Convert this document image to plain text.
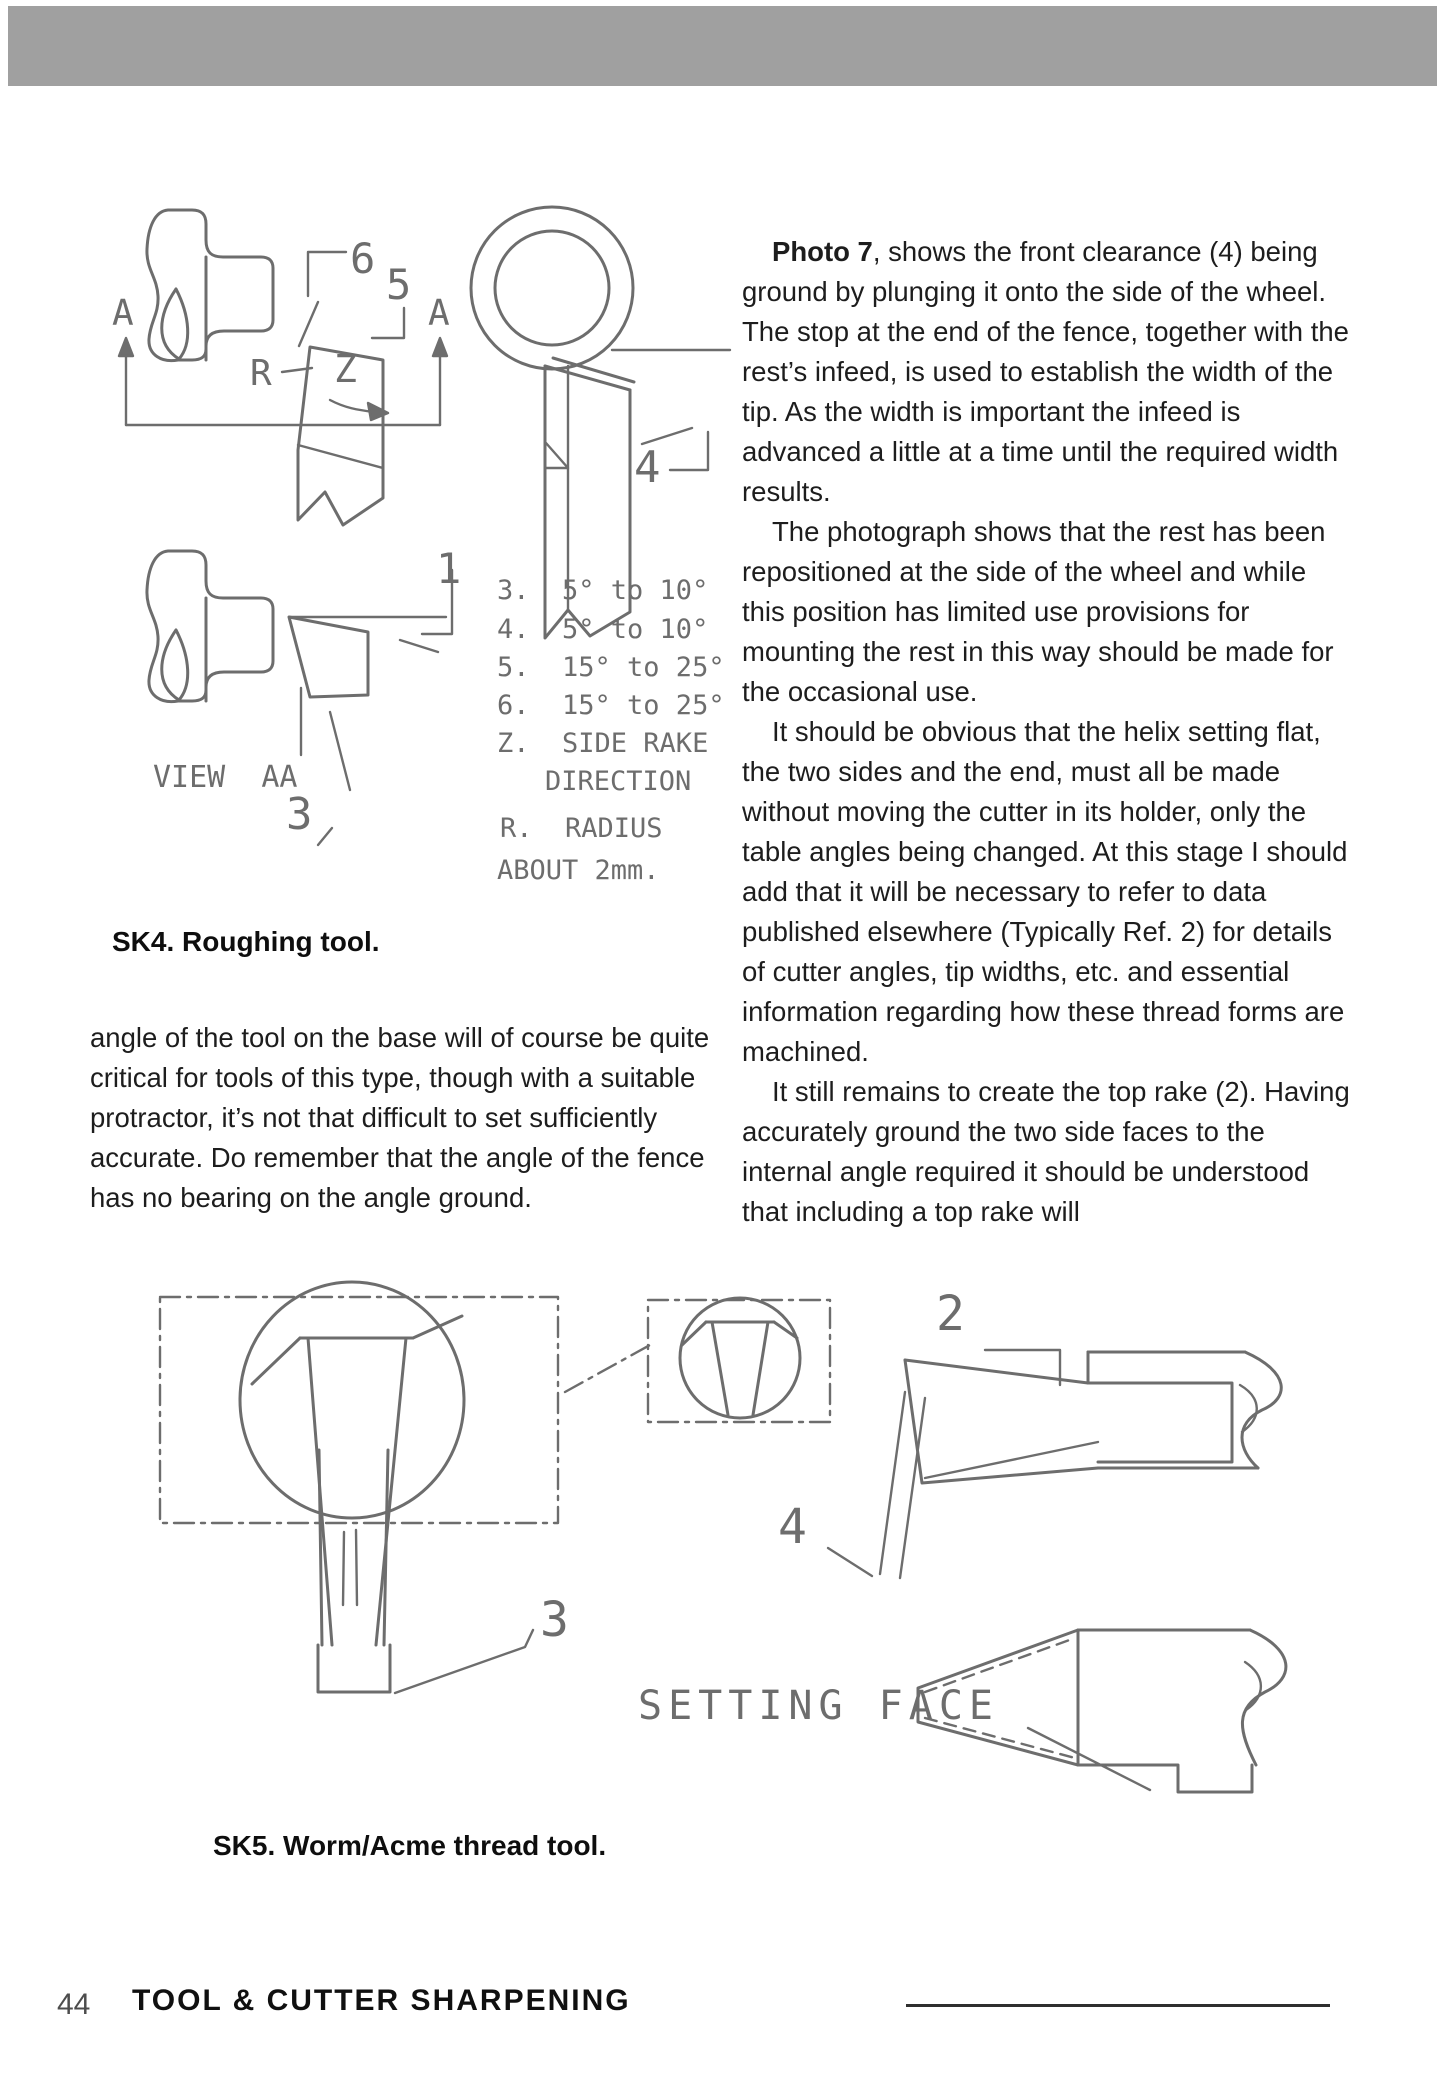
A	A
6
5
R Z
4
1
VIEW  AA
3
3.  5° to 10°
4.  5° to 10°
5.  15° to 25°
6.  15° to 25°
Z.  SIDE RAKE
DIRECTION
R.  RADIUS
ABOUT 2mm.
SK4. Roughing tool.

angle of the tool on the base will of course be quite critical for tools of this type, though with a suitable protractor, it’s not that difficult to set sufficiently accurate. Do remember that the angle of the fence has no bearing on the angle ground.

Photo 7, shows the front clearance (4) being ground by plunging it onto the side of the wheel. The stop at the end of the fence, together with the rest’s infeed, is used to establish the width of the tip. As the width is important the infeed is advanced a little at a time until the required width results.

The photograph shows that the rest has been repositioned at the side of the wheel and while this position has limited use provisions for mounting the rest in this way should be made for the occasional use.

It should be obvious that the helix setting flat, the two sides and the end, must all be made without moving the cutter in its holder, only the table angles being changed. At this stage I should add that it will be necessary to refer to data published elsewhere (Typically Ref. 2) for details of cutter angles, tip widths, etc. and essential information regarding how these thread forms are machined.

It still remains to create the top rake (2). Having accurately ground the two side faces to the internal angle required it should be understood that including a top rake will

2
4
3
SETTING FACE
SK5. Worm/Acme thread tool.
44 TOOL & CUTTER SHARPENING
